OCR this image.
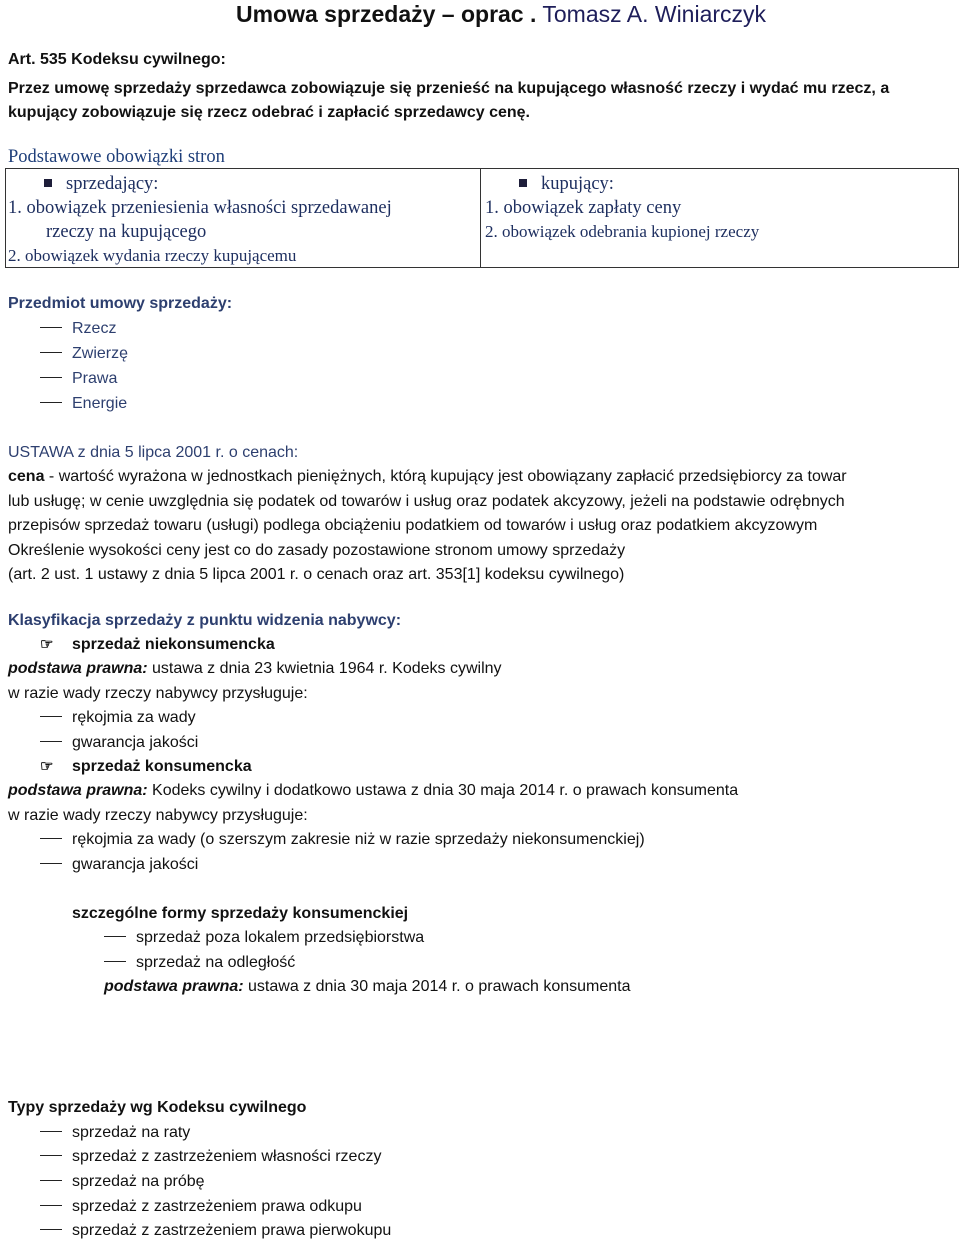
Umowa sprzedaży – oprac . Tomasz A. Winiarczyk
Art. 535 Kodeksu cywilnego:
Przez umowę sprzedaży sprzedawca zobowiązuje się przenieść na kupującego własność rzeczy i wydać mu rzecz, a
kupujący zobowiązuje się rzecz odebrać i zapłacić sprzedawcy cenę.
Podstawowe obowiązki stron
sprzedający:
1. obowiązek przeniesienia własności sprzedawanej
rzeczy na kupującego
2. obowiązek wydania rzeczy kupującemu
kupujący:
1. obowiązek zapłaty ceny
2. obowiązek odebrania kupionej rzeczy
Przedmiot umowy sprzedaży:
Rzecz
Zwierzę
Prawa
Energie
USTAWA z dnia 5 lipca 2001 r. o cenach:
cena - wartość wyrażona w jednostkach pieniężnych, którą kupujący jest obowiązany zapłacić przedsiębiorcy za towar
lub usługę; w cenie uwzględnia się podatek od towarów i usług oraz podatek akcyzowy, jeżeli na podstawie odrębnych
przepisów sprzedaż towaru (usługi) podlega obciążeniu podatkiem od towarów i usług oraz podatkiem akcyzowym
Określenie wysokości ceny jest co do zasady pozostawione stronom umowy sprzedaży
(art. 2 ust. 1 ustawy z dnia 5 lipca 2001 r. o cenach oraz art. 353[1] kodeksu cywilnego)
Klasyfikacja sprzedaży z punktu widzenia nabywcy:
☞ sprzedaż niekonsumencka
podstawa prawna: ustawa z dnia 23 kwietnia 1964 r. Kodeks cywilny
w razie wady rzeczy nabywcy przysługuje:
rękojmia za wady
gwarancja jakości
☞ sprzedaż konsumencka
podstawa prawna: Kodeks cywilny i dodatkowo ustawa z dnia 30 maja 2014 r. o prawach konsumenta
w razie wady rzeczy nabywcy przysługuje:
rękojmia za wady (o szerszym zakresie niż w razie sprzedaży niekonsumenckiej)
gwarancja jakości
szczególne formy sprzedaży konsumenckiej
sprzedaż poza lokalem przedsiębiorstwa
sprzedaż na odległość
podstawa prawna: ustawa z dnia 30 maja 2014 r. o prawach konsumenta
Typy sprzedaży wg Kodeksu cywilnego
sprzedaż na raty
sprzedaż z zastrzeżeniem własności rzeczy
sprzedaż na próbę
sprzedaż z zastrzeżeniem prawa odkupu
sprzedaż z zastrzeżeniem prawa pierwokupu
